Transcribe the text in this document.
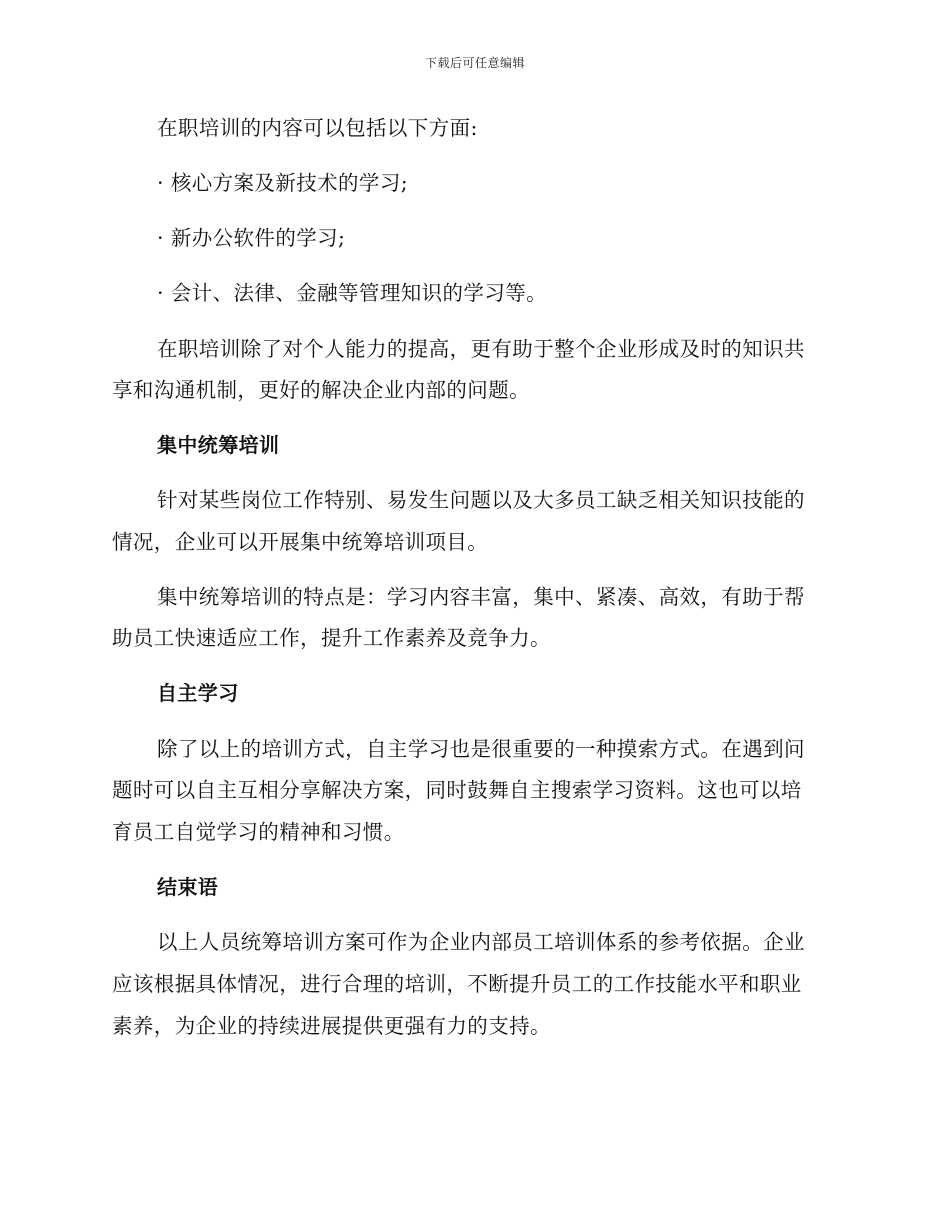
下载后可任意编辑
在职培训的内容可以包括以下方面:
· 核心方案及新技术的学习;
· 新办公软件的学习;
· 会计、法律、金融等管理知识的学习等。
在职培训除了对个人能力的提高，更有助于整个企业形成及时的知识共
享和沟通机制，更好的解决企业内部的问题。
集中统筹培训
针对某些岗位工作特别、易发生问题以及大多员工缺乏相关知识技能的
情况，企业可以开展集中统筹培训项目。
集中统筹培训的特点是：学习内容丰富，集中、紧凑、高效，有助于帮
助员工快速适应工作，提升工作素养及竞争力。
自主学习
除了以上的培训方式，自主学习也是很重要的一种摸索方式。在遇到问
题时可以自主互相分享解决方案，同时鼓舞自主搜索学习资料。这也可以培
育员工自觉学习的精神和习惯。
结束语
以上人员统筹培训方案可作为企业内部员工培训体系的参考依据。企业
应该根据具体情况，进行合理的培训，不断提升员工的工作技能水平和职业
素养，为企业的持续进展提供更强有力的支持。
